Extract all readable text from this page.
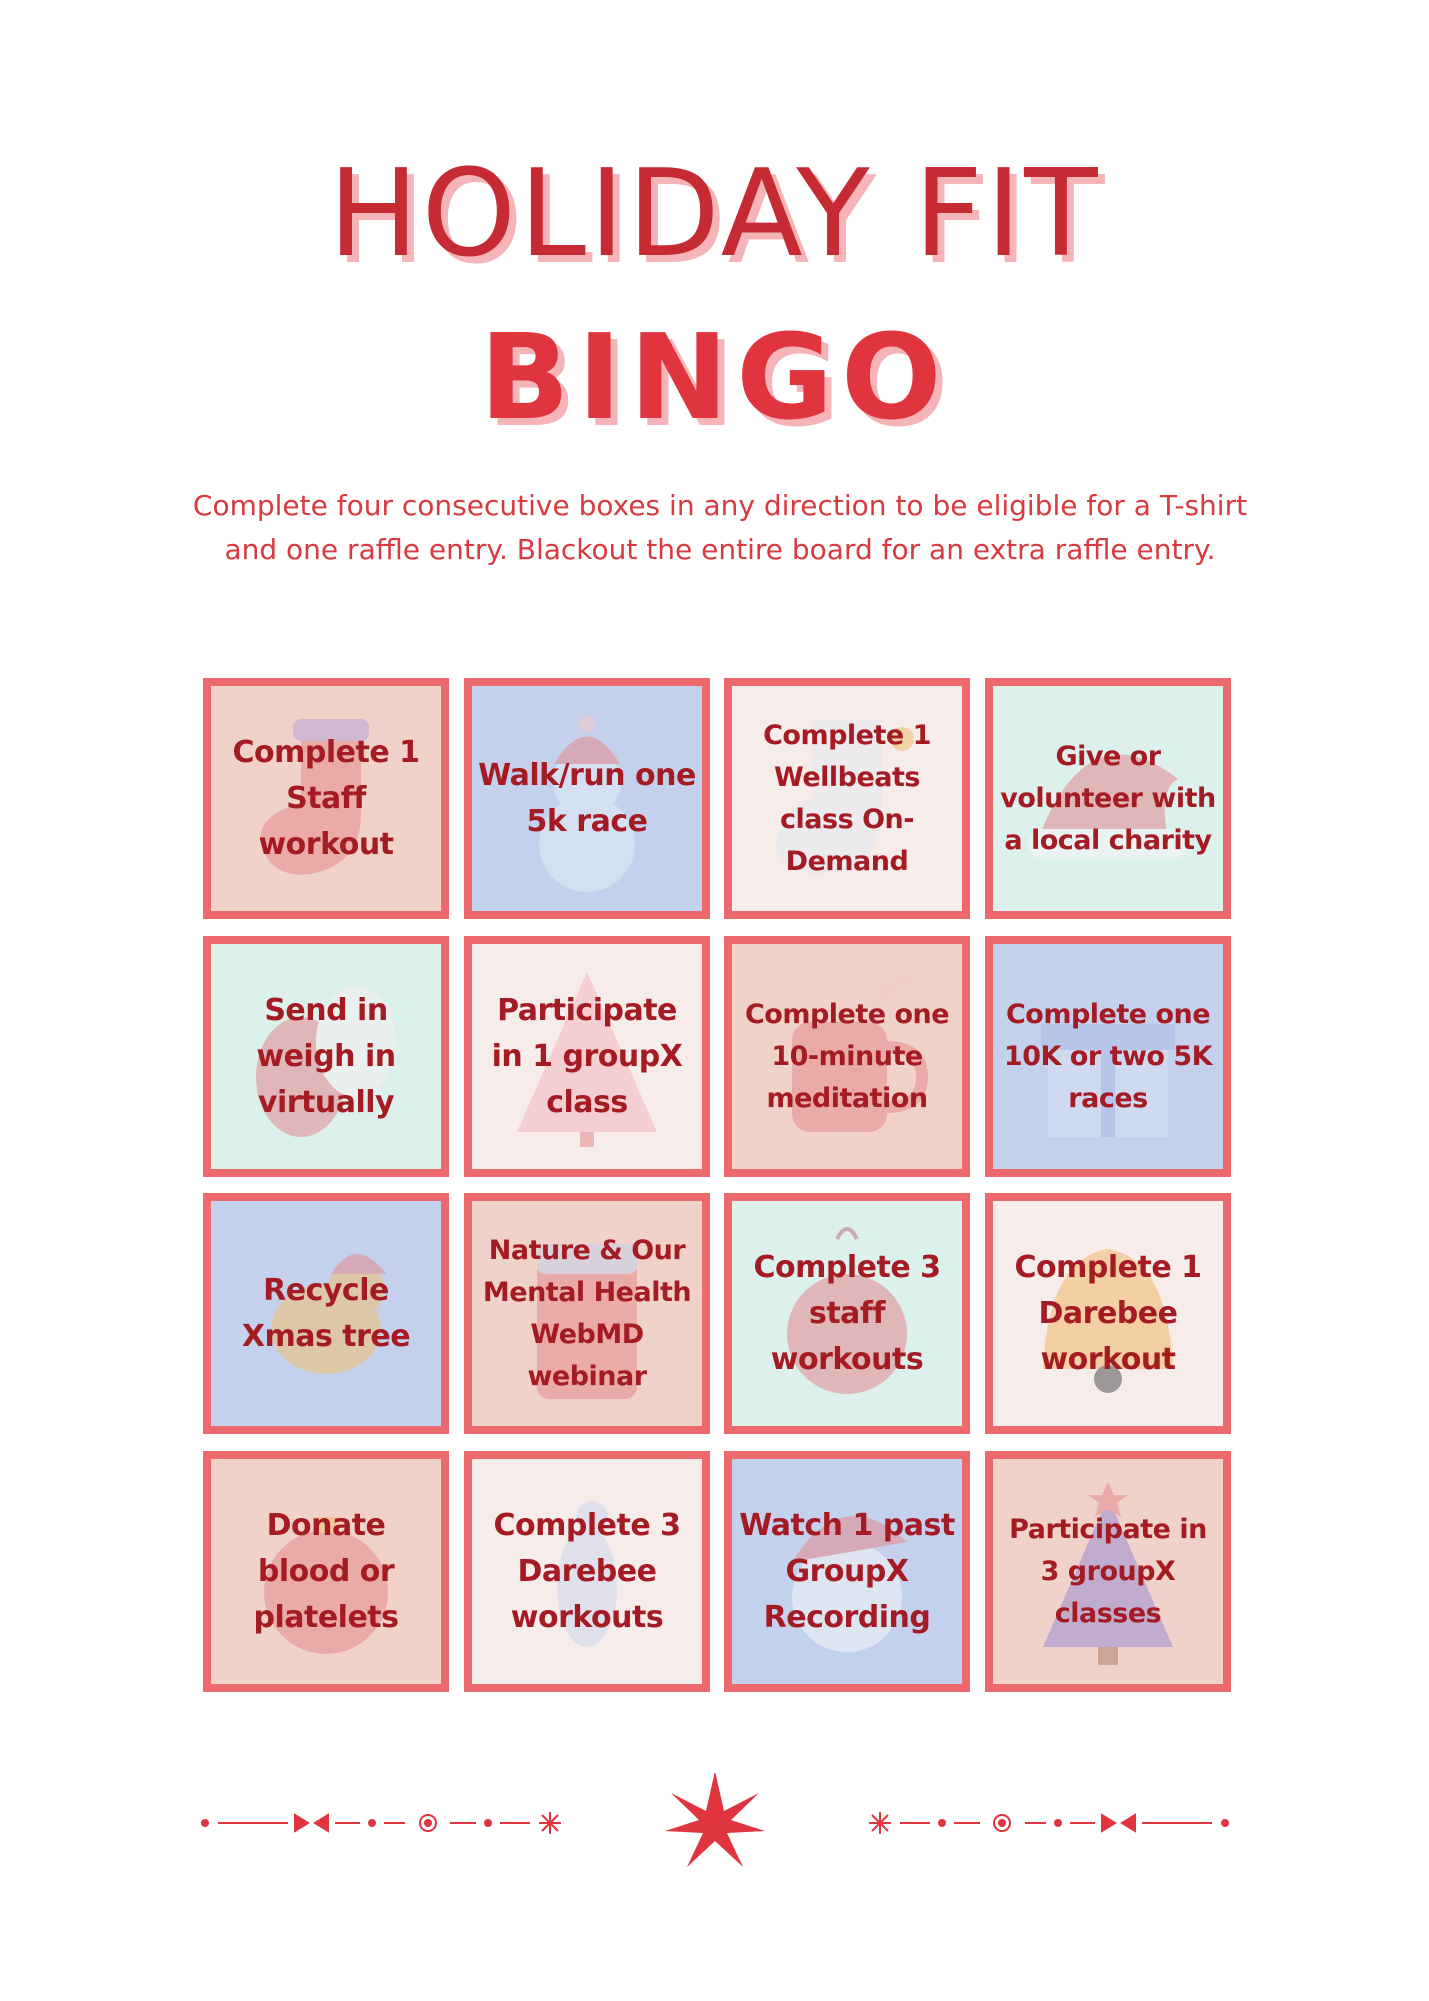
HOLIDAY FIT
BINGO
Complete four consecutive boxes in any direction to be eligible for a T-shirt and one raffle entry. Blackout the entire board for an extra raffle entry.
Complete 1 Staff workout
Walk/run one 5k race
Complete 1 Wellbeats class On-Demand
Give or volunteer with a local charity
Send in weigh in virtually
Participate in 1 groupX class
Complete one 10-minute meditation
Complete one 10K or two 5K races
Recycle Xmas tree
Nature & Our Mental Health WebMD webinar
Complete 3 staff workouts
Complete 1 Darebee workout
Donate blood or platelets
Complete 3 Darebee workouts
Watch 1 past GroupX Recording
Participate in 3 groupX classes
